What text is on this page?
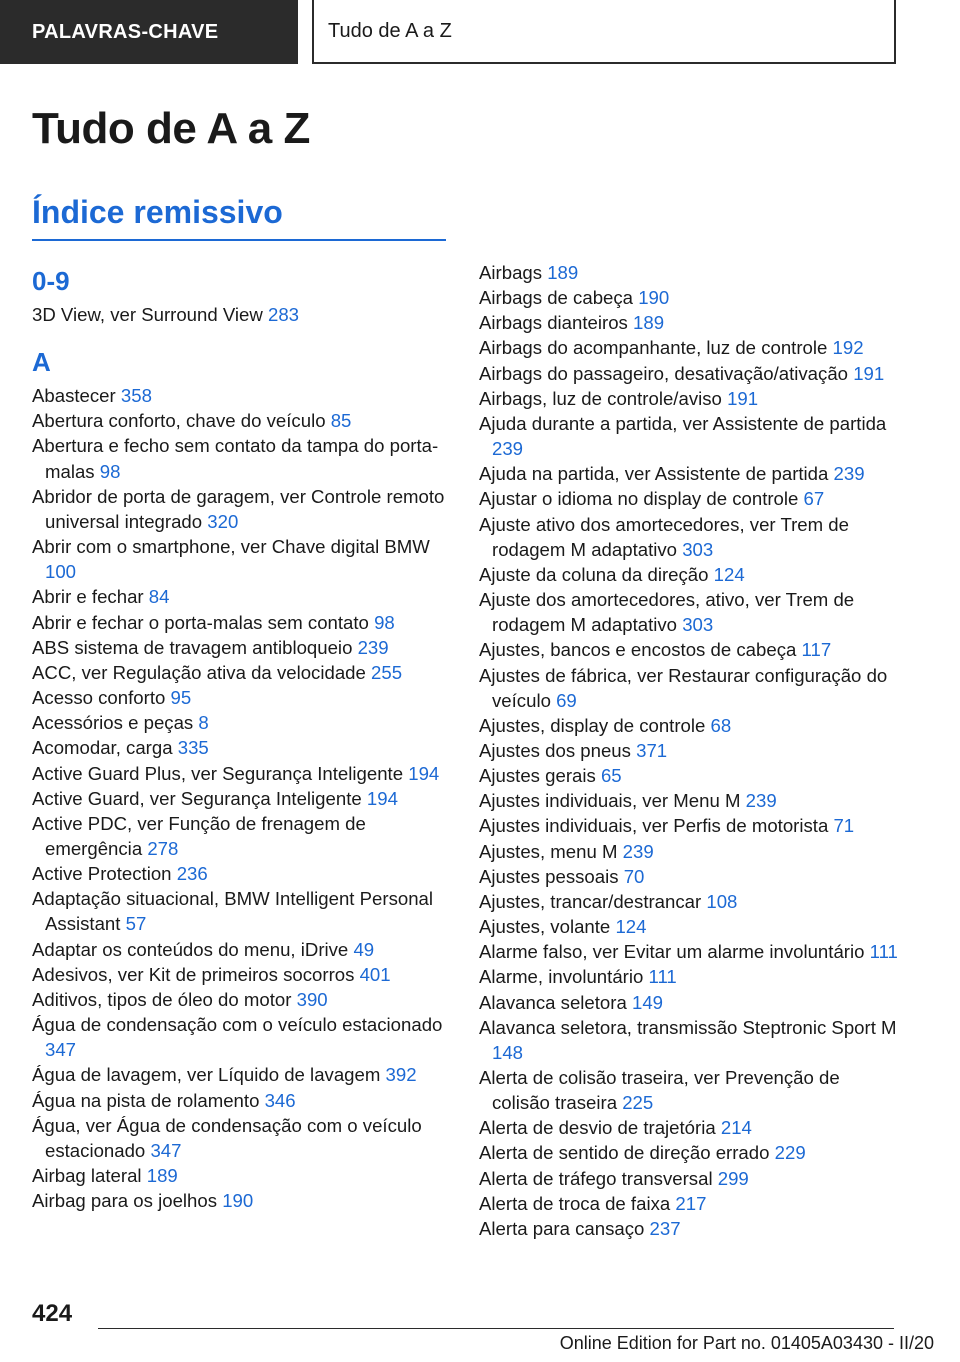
PALAVRAS-CHAVE	Tudo de A a Z
Tudo de A a Z
Índice remissivo
0-9
3D View, ver Surround View 283
A
Abastecer 358
Abertura conforto, chave do veículo 85
Abertura e fecho sem contato da tampa do porta-malas 98
Abridor de porta de garagem, ver Controle remoto universal integrado 320
Abrir com o smartphone, ver Chave digital BMW 100
Abrir e fechar 84
Abrir e fechar o porta-malas sem contato 98
ABS sistema de travagem antibloqueio 239
ACC, ver Regulação ativa da velocidade 255
Acesso conforto 95
Acessórios e peças 8
Acomodar, carga 335
Active Guard Plus, ver Segurança Inteligente 194
Active Guard, ver Segurança Inteligente 194
Active PDC, ver Função de frenagem de emergência 278
Active Protection 236
Adaptação situacional, BMW Intelligent Personal Assistant 57
Adaptar os conteúdos do menu, iDrive 49
Adesivos, ver Kit de primeiros socorros 401
Aditivos, tipos de óleo do motor 390
Água de condensação com o veículo estacionado 347
Água de lavagem, ver Líquido de lavagem 392
Água na pista de rolamento 346
Água, ver Água de condensação com o veículo estacionado 347
Airbag lateral 189
Airbag para os joelhos 190
Airbags 189
Airbags de cabeça 190
Airbags dianteiros 189
Airbags do acompanhante, luz de controle 192
Airbags do passageiro, desativação/ativação 191
Airbags, luz de controle/aviso 191
Ajuda durante a partida, ver Assistente de partida 239
Ajuda na partida, ver Assistente de partida 239
Ajustar o idioma no display de controle 67
Ajuste ativo dos amortecedores, ver Trem de rodagem M adaptativo 303
Ajuste da coluna da direção 124
Ajuste dos amortecedores, ativo, ver Trem de rodagem M adaptativo 303
Ajustes, bancos e encostos de cabeça 117
Ajustes de fábrica, ver Restaurar configuração do veículo 69
Ajustes, display de controle 68
Ajustes dos pneus 371
Ajustes gerais 65
Ajustes individuais, ver Menu M 239
Ajustes individuais, ver Perfis de motorista 71
Ajustes, menu M 239
Ajustes pessoais 70
Ajustes, trancar/destrancar 108
Ajustes, volante 124
Alarme falso, ver Evitar um alarme involuntário 111
Alarme, involuntário 111
Alavanca seletora 149
Alavanca seletora, transmissão Steptronic Sport M 148
Alerta de colisão traseira, ver Prevenção de colisão traseira 225
Alerta de desvio de trajetória 214
Alerta de sentido de direção errado 229
Alerta de tráfego transversal 299
Alerta de troca de faixa 217
Alerta para cansaço 237
424
Online Edition for Part no. 01405A03430 - II/20
